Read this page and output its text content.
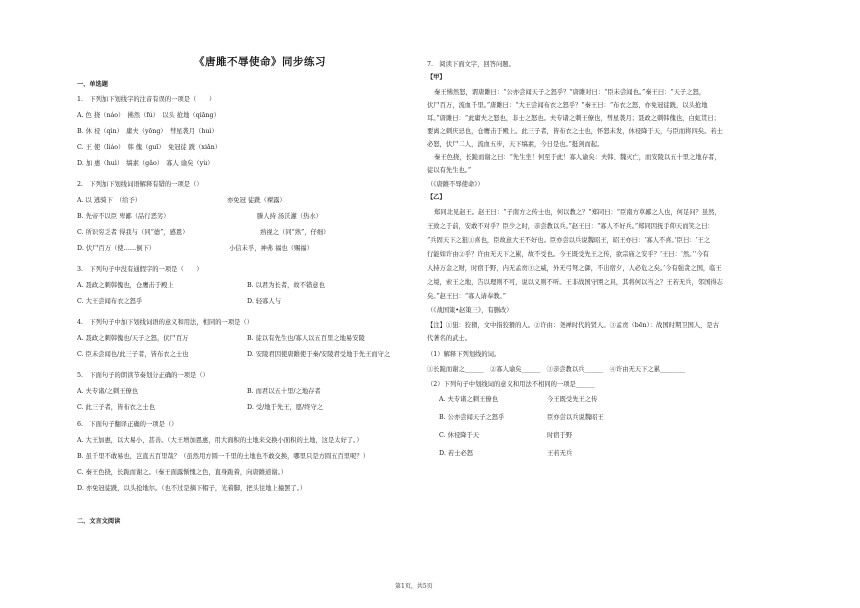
《唐雎不辱使命》同步练习
一、单选题
1.　下列加下划线字的注音有误的一项是（　　）
A. 色 挠（náo）　拂然（fú）　以头 抢地（qiāng）
B. 休 祲（qìn）　庸夫（yōng）　彗星袭月（huì）
C. 王 使（lìáo）　韩 傀（guī）　免冠徒 跣（xiǎn）
D. 加 惠（huì）　缟素（gǎo）　寡人 谕矣（yù）
2.　下列加下划线词语解释有错的一项是（）
A. 以 逃骑下　（给予）	亦免冠 徒跣（裸露）
B. 先帝不以臣 卑鄙（品行恶劣）	滕人持 汤沃灌（热水）
C. 所识穷乏者 得我与（同“德”，感恩）	熟视之（同“熟”，仔细）
D. 伏尸百万（使……倒下）	小信未孚，神弗 福也（赐福）
3.　下列句子中没有通假字的一项是（　　）
A. 聂政之刺韩傀也，仓鹰击于殿上	B. 以君为长者，故不错意也
C. 大王尝闻布衣之怒乎	D. 轻寡人与
4.　下列句子中加下划线词语的意义和用法，相同的一项是（）
A. 聂政之刺韩傀也/天子之怒，伏尸百万	B. 徒以有先生也/寡人以五百里之地易安陵
C. 臣未尝闻也/此三子者，皆布衣之士也	D. 安陵君因使唐雎使于秦/安陵君受地于先王而守之
5.　下面句子的朗读节奏划分正确的一项是（）
A. 夫专诸/之刺王僚也	B. 而君以五十里/之地存者
C. 此三子者，皆布衣之士也	D. 受/地于先王，愿/终守之
6.　下面句子翻译正确的一项是（）
A. 大王加惠，以大易小，甚善。（大王增加恩惠，用大面积的土地来交换小面积的土地，这是太好了。）
B. 虽千里不敢易也，岂直五百里哉？（虽然用方圆一千里的土地也不敢交换，哪里只是方圆五百里呢？）
C. 秦王色挠，长跪而谢之。（秦王面露惭愧之色，直身跪着，向唐雎道谢。）
D. 亦免冠徒跣，以头抢地尔。（也不过是摘下帽子，光着脚，把头往地上撞罢了。）
二、文言文阅读
7.　阅读下面文字，回答问题。
【甲】
秦王怫然怒，谓唐雎曰：“公亦尝闻天子之怒乎？”唐雎对曰：“臣未尝闻也。”秦王曰：“天子之怒，
伏尸百万，流血千里。”唐雎曰：“大王尝闻布衣之怒乎？”秦王曰：“布衣之怒，亦免冠徒跣，以头抢地
耳。”唐雎曰：“此庸夫之怒也，非士之怒也。夫专诸之刺王僚也，彗星袭月；聂政之刺韩傀也，白虹贯日；
要离之刺庆忌也，仓鹰击于殿上。此三子者，皆布衣之士也，怀怒未发，休祲降于天，与臣而将四矣。若士
必怒，伏尸二人，流血五步，天下缟素，今日是也。”挺剑而起。
秦王色挠，长跪而谢之曰：“先生坐！何至于此！寡人谕矣：夫韩、魏灭亡，而安陵以五十里之地存者，
徒以有先生也。”
（《唐雎不辱使命》）
【乙】
郑同北见赵王。赵王曰：“子南方之传士也，何以教之？”郑同曰：“臣南方草鄙之人也，何足问？虽然，
王致之于前，安敢不对乎？臣少之时，亲尝教以兵。”赵王曰：“寡人不好兵。”郑同因抚手仰天而笑之曰：
“兵固天下之狙①喜也，臣故意大王不好也。臣亦尝以兵说魏昭王，昭王亦曰：‘寡人不喜。’臣曰：‘王之
行能如许由②乎？许由无天下之累，故不受也。今王既受先王之传，欲宗庙之安乎？’王曰：‘然。’‘今有
人持万金之财，时宿于野，内无孟贲③之威，外无弓弩之御，不出宿夕，人必危之矣。’今有强贪之国，临王
之境，索王之地，告以理则不可，说以义则不听。王非战国守圉之具，其将何以当之？王若无兵，邻国得志
矣。”赵王曰：“寡人请奉教。”
（《战国策•赵策三》，有删改）
【注】①狙：狡猾，文中指狡猾的人。②许由：尧禅时代的贤人。③孟贲（bēn）：战国时期卫国人，是古
代著名的武士。
（1）解释下列划线的词。
①长跪而谢之______　②寡人谕矣______　③亲尝教以兵______　④许由无天下之累________
（2）下列句子中划线词的意义和用法不相同的一项是______
A. 夫专诸之刺王僚也	今王既受先王之传
B. 公亦尝闻天子之怒乎	臣亦尝以兵说魏昭王
C. 休祲降于天	时宿于野
D. 若士必怒	王若无兵
第1页，共5页
